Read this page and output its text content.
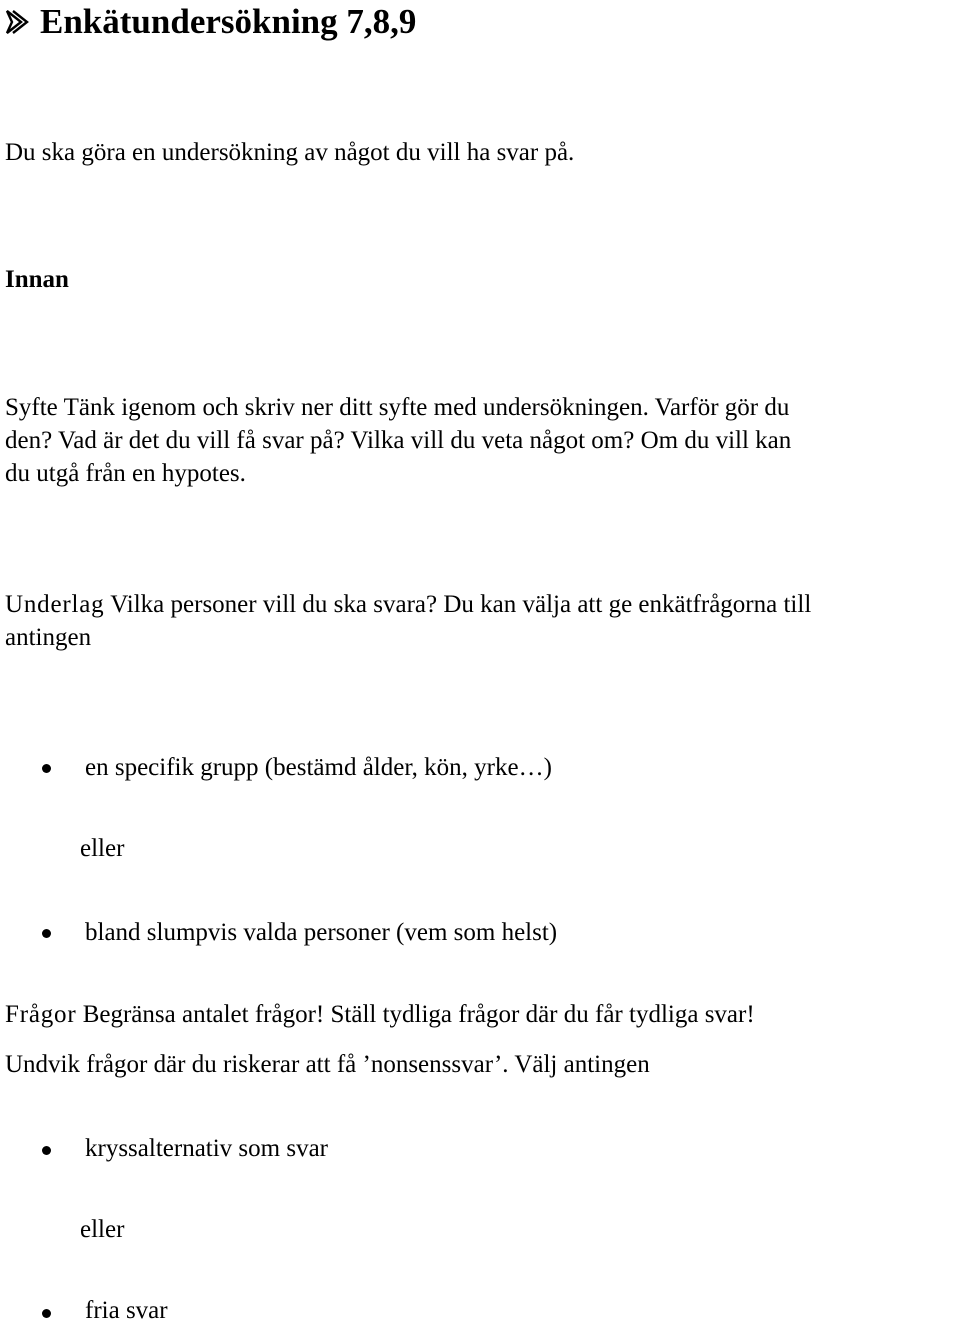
Enkätundersökning 7,8,9
Du ska göra en undersökning av något du vill ha svar på.
Innan
Syfte Tänk igenom och skriv ner ditt syfte med undersökningen. Varför gör du
den? Vad är det du vill få svar på? Vilka vill du veta något om? Om du vill kan
du utgå från en hypotes.
Underlag Vilka personer vill du ska svara? Du kan välja att ge enkätfrågorna till
antingen
en specifik grupp (bestämd ålder, kön, yrke…)
eller
bland slumpvis valda personer (vem som helst)
Frågor Begränsa antalet frågor! Ställ tydliga frågor där du får tydliga svar!
Undvik frågor där du riskerar att få ’nonsenssvar’. Välj antingen
kryssalternativ som svar
eller
fria svar
